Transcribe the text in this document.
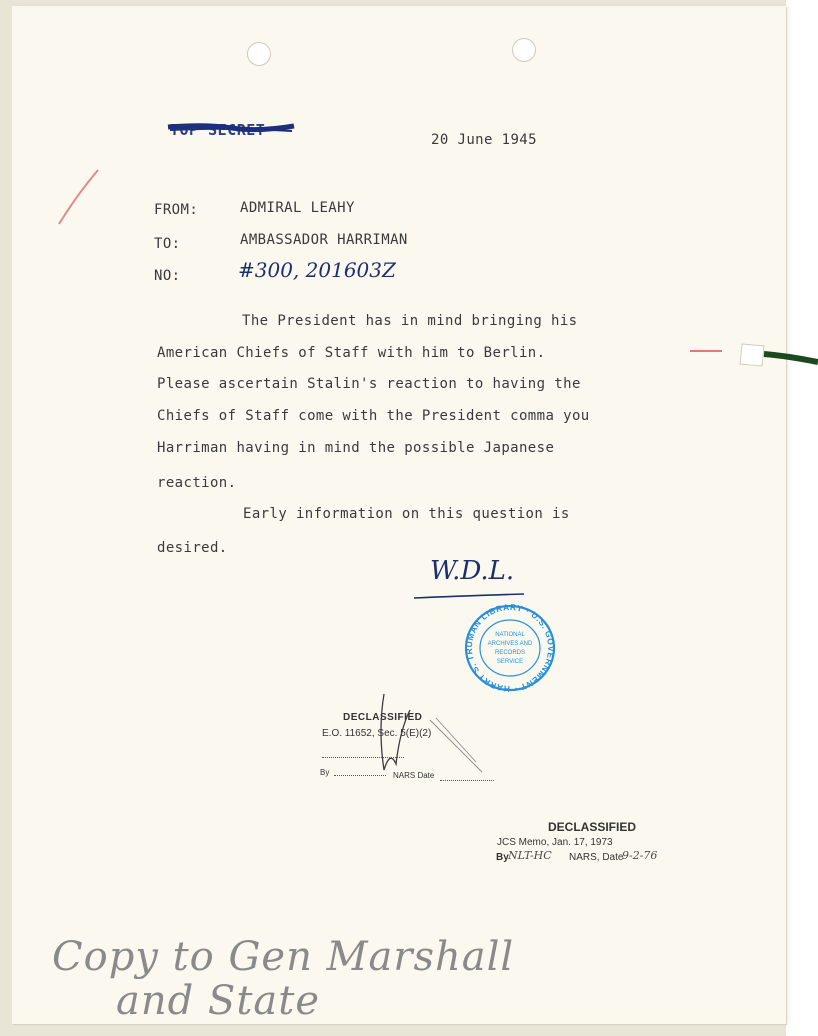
TOP SECRET
20 June 1945
FROM:	ADMIRAL LEAHY
TO:	AMBASSADOR HARRIMAN
NO:	#300, 201603Z
The President has in mind bringing his
American Chiefs of Staff with him to Berlin.
Please ascertain Stalin's reaction to having the
Chiefs of Staff come with the President comma you
Harriman having in mind the possible Japanese
reaction.
Early information on this question is
desired.
W.D.L.
HARRY S. TRUMAN LIBRARY · U.S. GOVERNMENT ·
NATIONAL
ARCHIVES AND
RECORDS
SERVICE
DECLASSIFIED
E.O. 11652, Sec. 5(E)(2)
By	NARS Date
DECLASSIFIED
JCS Memo, Jan. 17, 1973
By NLT-HC NARS, Date
9-2-76
Copy to Gen Marshall
and State
